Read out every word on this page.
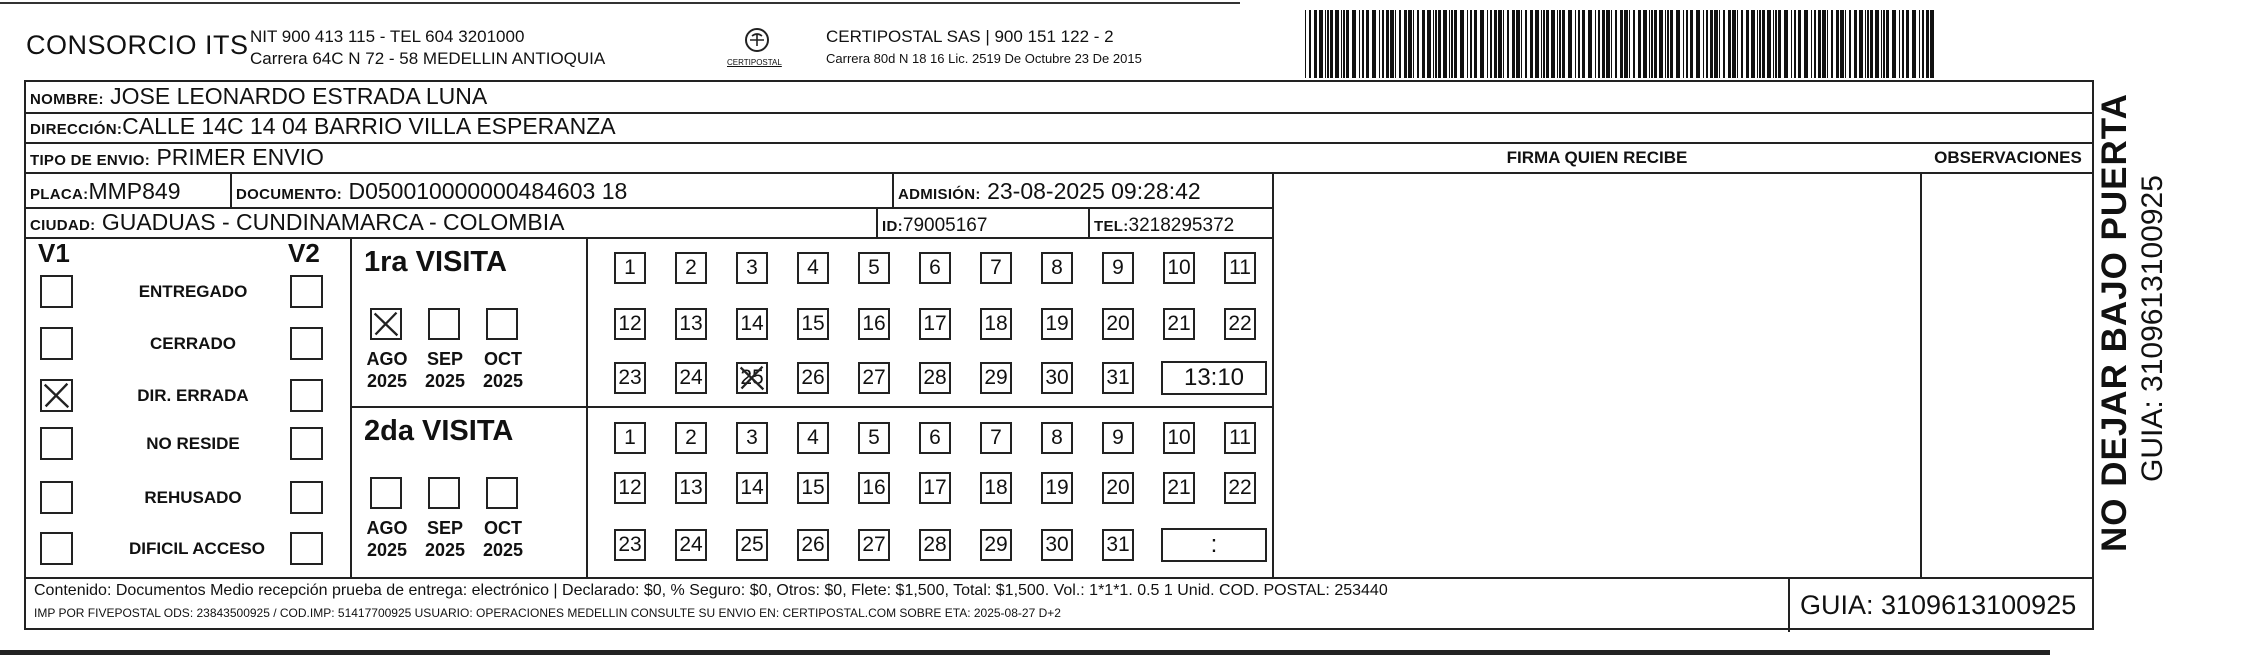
CONSORCIO ITS NIT 900 413 115 - TEL 604 3201000
Carrera 64C N 72 - 58 MEDELLIN ANTIOQUIA	CERTIPOSTAL
CERTIPOSTAL SAS | 900 151 122 - 2
Carrera 80d N 18 16 Lic. 2519 De Octubre 23 De 2015
NOMBRE: JOSE LEONARDO ESTRADA LUNA
DIRECCIÓN:CALLE 14C 14 04 BARRIO VILLA ESPERANZA
TIPO DE ENVIO: PRIMER ENVIO
PLACA:MMP849	DOCUMENTO: D050010000000484603 18	ADMISIÓN: 23-08-2025 09:28:42
CIUDAD: GUADUAS - CUNDINAMARCA - COLOMBIA	ID:79005167	TEL:3218295372
FIRMA QUIEN RECIBE	OBSERVACIONES
V1	V2
ENTREGADO
CERRADO
DIR. ERRADA
NO RESIDE
REHUSADO
DIFICIL ACCESO
1ra VISITA
AGO
2025
SEP
2025
OCT
2025
1	2	3	4	5	6	7	8	9	10 11
12 13 14 15 16 17 18 19 20 21 22
23 24 25 26 27 28 29 30 31	13:10
2da VISITA
AGO
2025
SEP
2025
OCT
2025
1	2	3	4	5	6	7	8	9	10 11
12 13 14 15 16 17 18 19 20 21 22
23 24 25 26 27 28 29 30 31	:
Contenido: Documentos Medio recepción prueba de entrega: electrónico | Declarado: $0, % Seguro: $0, Otros: $0, Flete: $1,500, Total: $1,500. Vol.: 1*1*1. 0.5 1 Unid. COD. POSTAL: 253440
IMP POR FIVEPOSTAL ODS: 23843500925 / COD.IMP: 51417700925 USUARIO: OPERACIONES MEDELLIN CONSULTE SU ENVIO EN: CERTIPOSTAL.COM SOBRE ETA: 2025-08-27 D+2	GUIA: 3109613100925
NO DEJAR BAJO PUERTA GUIA: 3109613100925
